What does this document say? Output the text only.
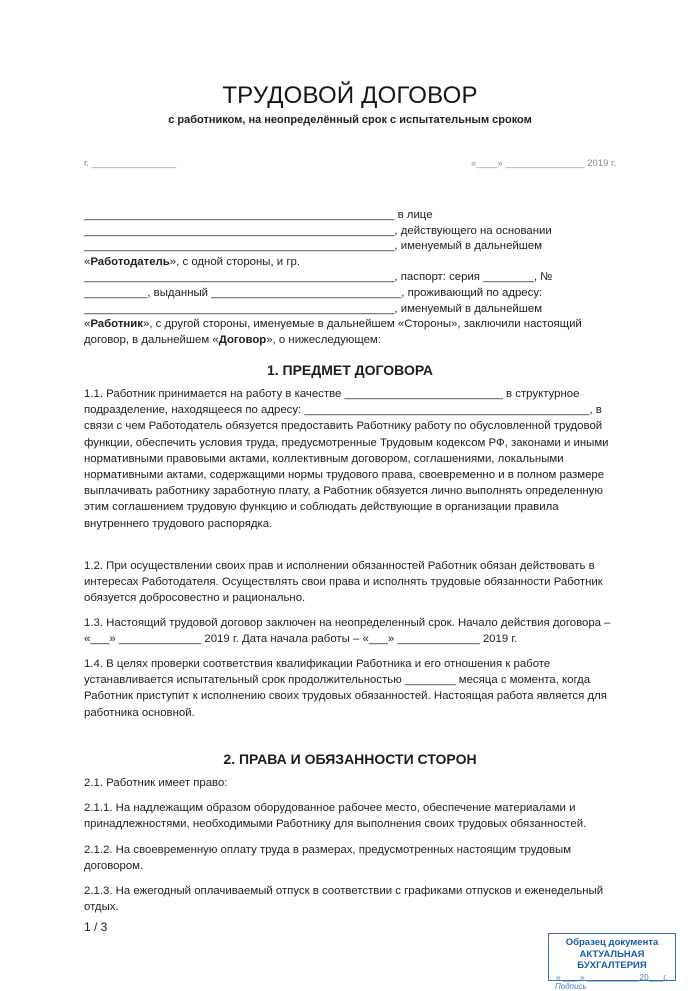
ТРУДОВОЙ ДОГОВОР
с работником, на неопределённый срок с испытательным сроком
г. ________________	«____» _______________ 2019 г.

_________________________________________________ в лице

_________________________________________________, действующего на основании

_________________________________________________, именуемый в дальнейшем

«Работодатель», с одной стороны, и гр.

_________________________________________________, паспорт: серия ________, №

__________, выданный ______________________________, проживающий по адресу:

_________________________________________________, именуемый в дальнейшем

«Работник», с другой стороны, именуемые в дальнейшем «Стороны», заключили настоящий договор, в дальнейшем «Договор», о нижеследующем:

1. ПРЕДМЕТ ДОГОВОРА

1.1. Работник принимается на работу в качестве _________________________ в структурное подразделение, находящееся по адресу: _____________________________________________, в связи с чем Работодатель обязуется предоставить Работнику работу по обусловленной трудовой функции, обеспечить условия труда, предусмотренные Трудовым кодексом РФ, законами и иными нормативными правовыми актами, коллективным договором, соглашениями, локальными нормативными актами, содержащими нормы трудового права, своевременно и в полном размере выплачивать работнику заработную плату, а Работник обязуется лично выполнять определенную этим соглашением трудовую функцию и соблюдать действующие в организации правила внутреннего трудового распорядка.

1.2. При осуществлении своих прав и исполнении обязанностей Работник обязан действовать в интересах Работодателя. Осуществлять свои права и исполнять трудовые обязанности Работник обязуется добросовестно и рационально.

1.3. Настоящий трудовой договор заключен на неопределенный срок. Начало действия договора – «___» _____________ 2019 г. Дата начала работы – «___» _____________ 2019 г.

1.4. В целях проверки соответствия квалификации Работника и его отношения к работе устанавливается испытательный срок продолжительностью ________ месяца с момента, когда Работник приступит к исполнению своих трудовых обязанностей. Настоящая работа является для работника основной.

2. ПРАВА И ОБЯЗАННОСТИ СТОРОН

2.1. Работник имеет право:

2.1.1. На надлежащим образом оборудованное рабочее место, обеспечение материалами и принадлежностями, необходимыми Работнику для выполнения своих трудовых обязанностей.

2.1.2. На своевременную оплату труда в размерах, предусмотренных настоящим трудовым договором.

2.1.3. На ежегодный оплачиваемый отпуск в соответствии с графиками отпусков и еженедельный отдых.

1 / 3
Образец документа
АКТУАЛЬНАЯ БУХГАЛТЕРИЯ
« ___ » ___________20___г.
Подпись
